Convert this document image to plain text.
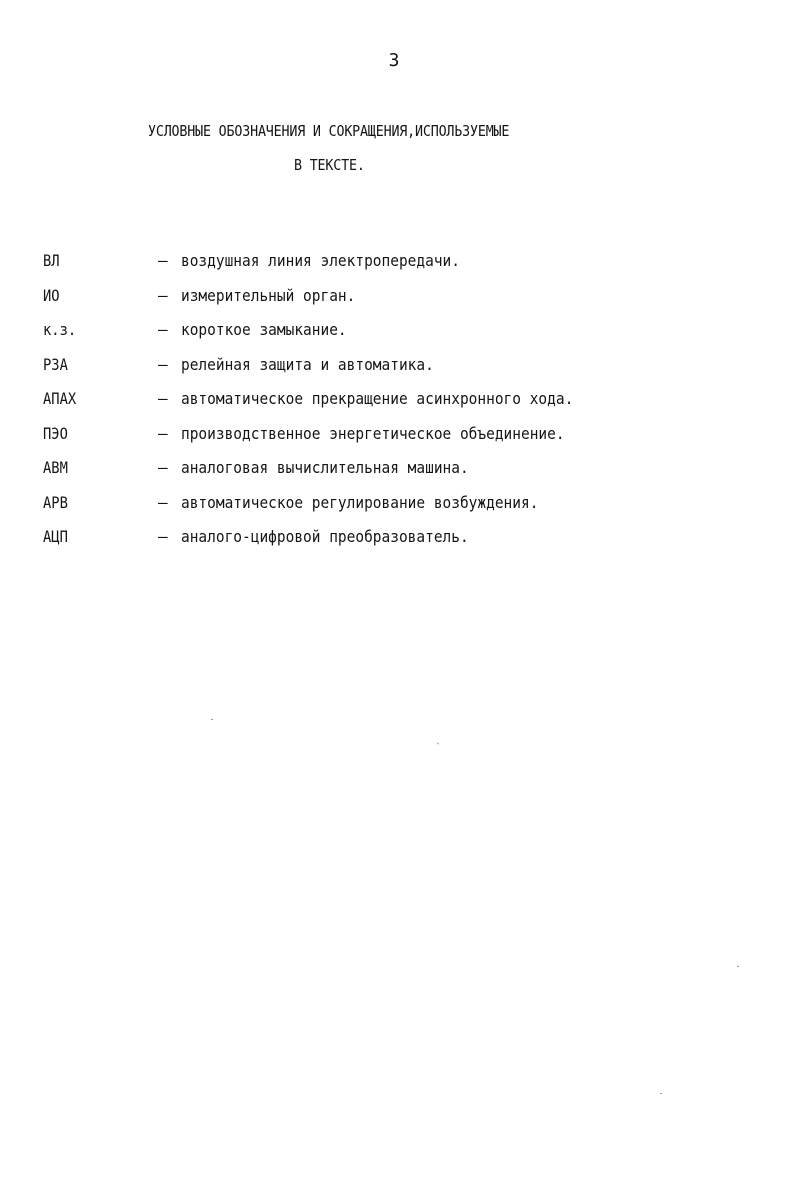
3
УСЛОВНЫЕ ОБОЗНАЧЕНИЯ И СОКРАЩЕНИЯ,ИСПОЛЬЗУЕМЫЕ
В ТЕКСТЕ.
ВЛ	– воздушная линия электропередачи.
ИО	– измерительный орган.
к.з.	– короткое замыкание.
РЗА	– релейная защита и автоматика.
АПАХ	– автоматическое прекращение асинхронного хода.
ПЭО	– производственное энергетическое объединение.
АВМ	– аналоговая вычислительная машина.
АРВ	– автоматическое регулирование возбуждения.
АЦП	– аналого-цифровой преобразователь.
